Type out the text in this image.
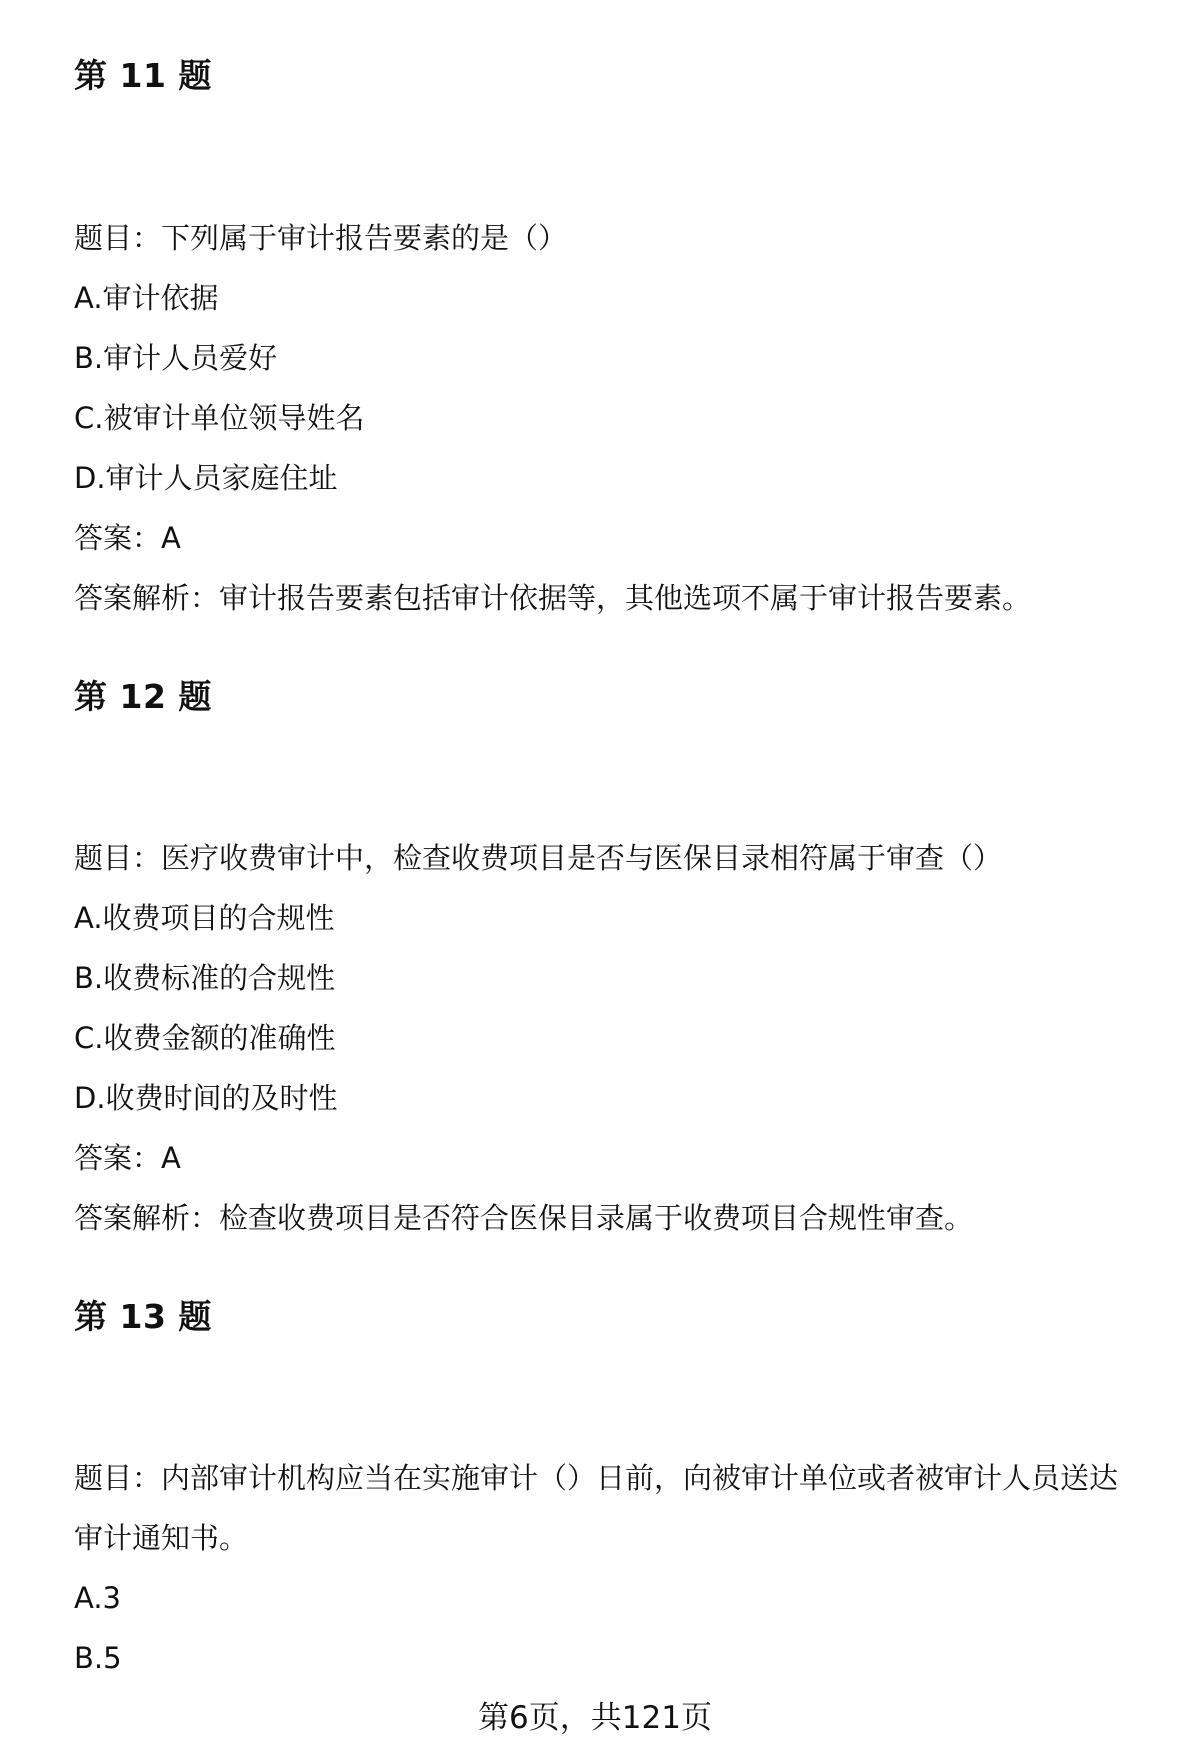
第 11 题
题目：下列属于审计报告要素的是（）
A.审计依据
B.审计人员爱好
C.被审计单位领导姓名
D.审计人员家庭住址
答案：A
答案解析：审计报告要素包括审计依据等，其他选项不属于审计报告要素。
第 12 题
题目：医疗收费审计中，检查收费项目是否与医保目录相符属于审查（）
A.收费项目的合规性
B.收费标准的合规性
C.收费金额的准确性
D.收费时间的及时性
答案：A
答案解析：检查收费项目是否符合医保目录属于收费项目合规性审查。
第 13 题
题目：内部审计机构应当在实施审计（）日前，向被审计单位或者被审计人员送达
审计通知书。
A.3
B.5
第6页，共121页
